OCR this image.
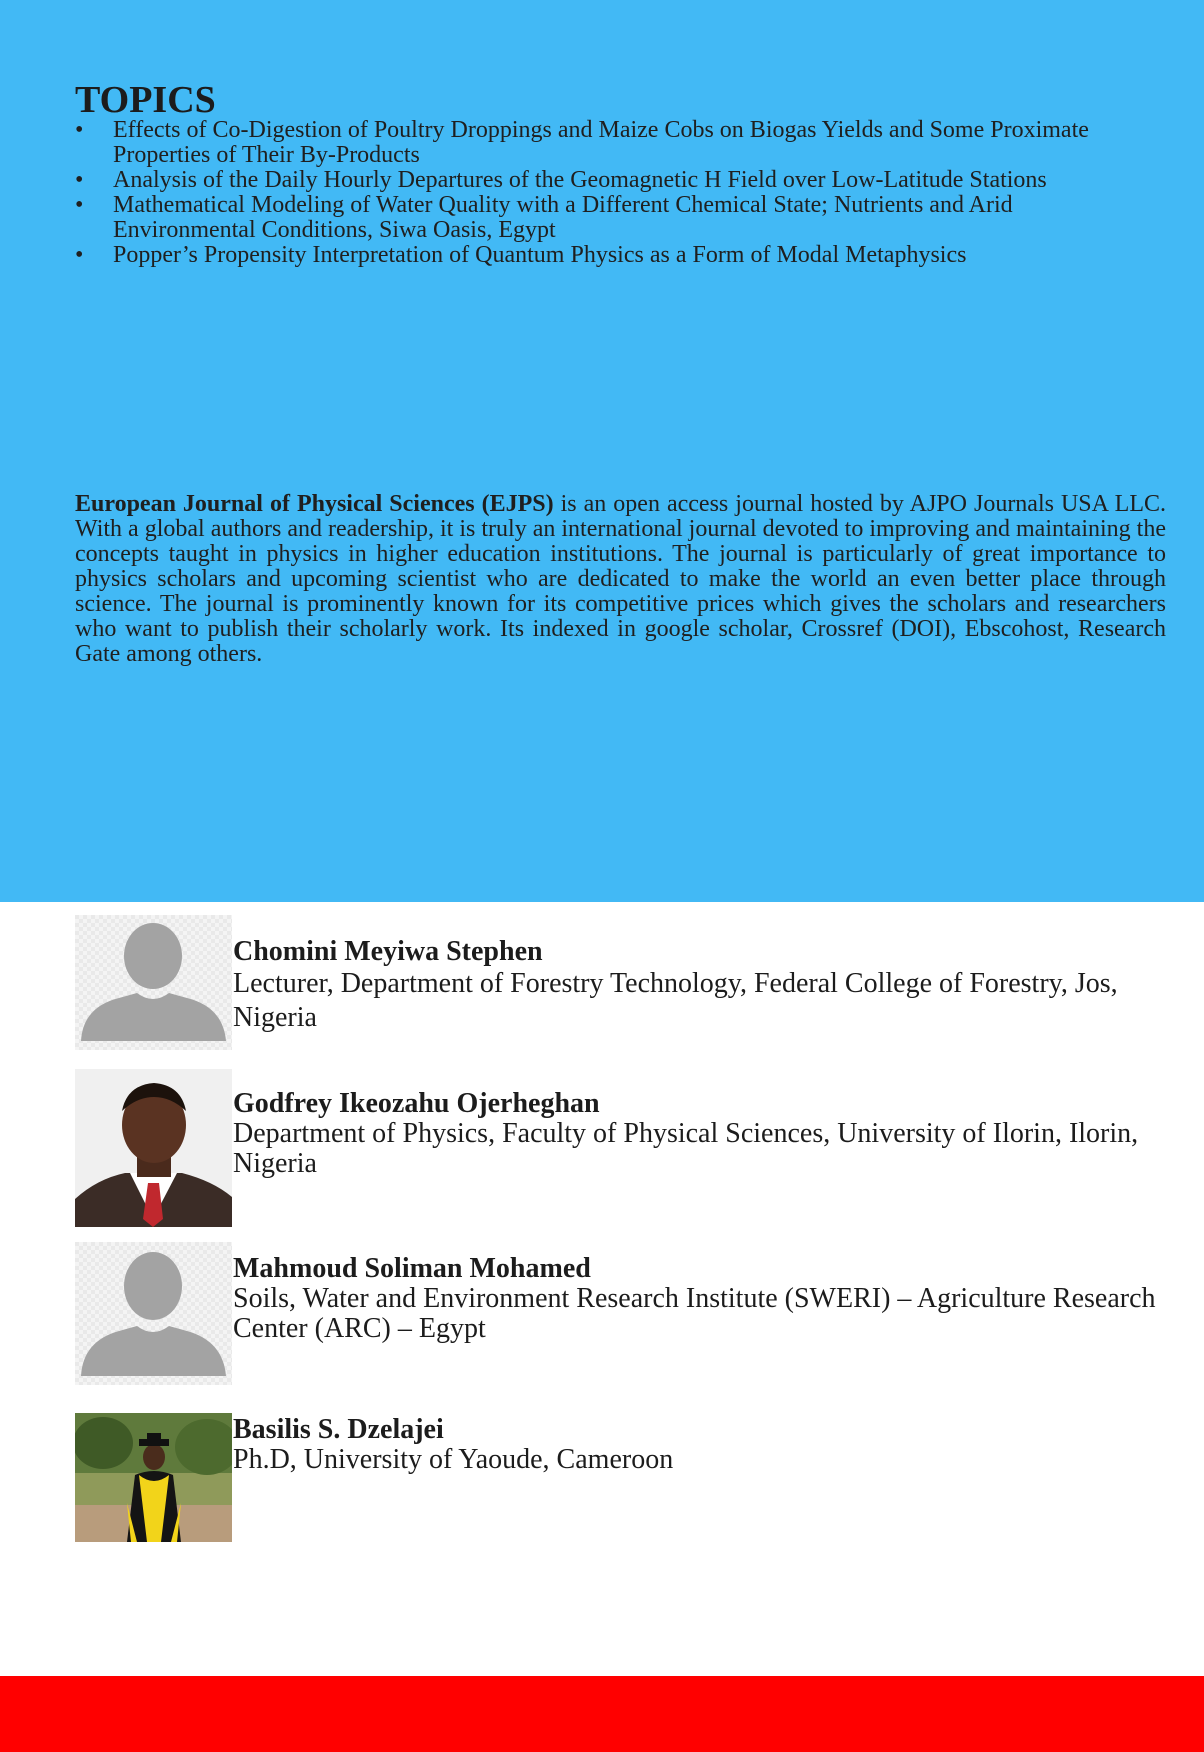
TOPICS
• Effects of Co-Digestion of Poultry Droppings and Maize Cobs on Biogas Yields and Some Proximate Properties of Their By-Products
• Analysis of the Daily Hourly Departures of the Geomagnetic H Field over Low-Latitude Stations
• Mathematical Modeling of Water Quality with a Different Chemical State; Nutrients and Arid Environmental Conditions, Siwa Oasis, Egypt
• Popper’s Propensity Interpretation of Quantum Physics as a Form of Modal Metaphysics

European Journal of Physical Sciences (EJPS) is an open access journal hosted by AJPO Journals USA LLC. With a global authors and readership, it is truly an international journal devoted to improving and maintaining the concepts taught in physics in higher education institutions. The journal is particularly of great importance to physics scholars and upcoming scientist who are dedicated to make the world an even better place through science. The journal is prominently known for its competitive prices which gives the scholars and researchers who want to publish their scholarly work. Its indexed in google scholar, Crossref (DOI), Ebscohost, Research Gate among others.

Chomini Meyiwa Stephen
Lecturer, Department of Forestry Technology, Federal College of Forestry, Jos, Nigeria
Godfrey Ikeozahu Ojerheghan
Department of Physics, Faculty of Physical Sciences, University of Ilorin, Ilorin, Nigeria
Mahmoud Soliman Mohamed
Soils, Water and Environment Research Institute (SWERI) – Agriculture Research Center (ARC) – Egypt
Basilis S. Dzelajei
Ph.D, University of Yaoude, Cameroon
